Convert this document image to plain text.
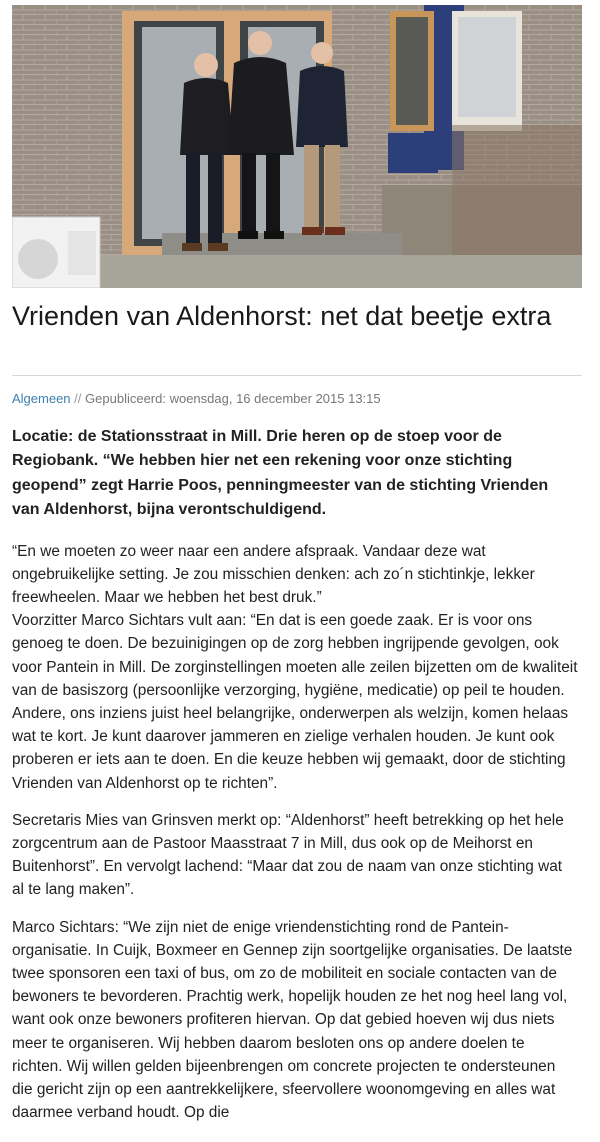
Vrienden van Aldenhorst: net dat beetje extra
Algemeen // Gepubliceerd: woensdag, 16 december 2015 13:15

Locatie: de Stationsstraat in Mill. Drie heren op de stoep voor de Regiobank. “We hebben hier net een rekening voor onze stichting geopend” zegt Harrie Poos, penningmeester van de stichting Vrienden van Aldenhorst, bijna verontschuldigend.

“En we moeten zo weer naar een andere afspraak. Vandaar deze wat ongebruikelijke setting. Je zou misschien denken: ach zo´n stichtinkje, lekker freewheelen. Maar we hebben het best druk.”

Voorzitter Marco Sichtars vult aan: “En dat is een goede zaak. Er is voor ons genoeg te doen. De bezuinigingen op de zorg hebben ingrijpende gevolgen, ook voor Pantein in Mill. De zorginstellingen moeten alle zeilen bijzetten om de kwaliteit van de basiszorg (persoonlijke verzorging, hygiëne, medicatie) op peil te houden. Andere, ons inziens juist heel belangrijke, onderwerpen als welzijn, komen helaas wat te kort. Je kunt daarover jammeren en zielige verhalen houden. Je kunt ook proberen er iets aan te doen. En die keuze hebben wij gemaakt, door de stichting Vrienden van Aldenhorst op te richten”.

Secretaris Mies van Grinsven merkt op: “Aldenhorst” heeft betrekking op het hele zorgcentrum aan de Pastoor Maasstraat 7 in Mill, dus ook op de Meihorst en Buitenhorst”. En vervolgt lachend: “Maar dat zou de naam van onze stichting wat al te lang maken”.

Marco Sichtars: “We zijn niet de enige vriendenstichting rond de Pantein-organisatie. In Cuijk, Boxmeer en Gennep zijn soortgelijke organisaties. De laatste twee sponsoren een taxi of bus, om zo de mobiliteit en sociale contacten van de bewoners te bevorderen. Prachtig werk, hopelijk houden ze het nog heel lang vol, want ook onze bewoners profiteren hiervan. Op dat gebied hoeven wij dus niets meer te organiseren. Wij hebben daarom besloten ons op andere doelen te richten. Wij willen gelden bijeenbrengen om concrete projecten te ondersteunen die gericht zijn op een aantrekkelijkere, sfeervollere woonomgeving en alles wat daarmee verband houdt. Op die
